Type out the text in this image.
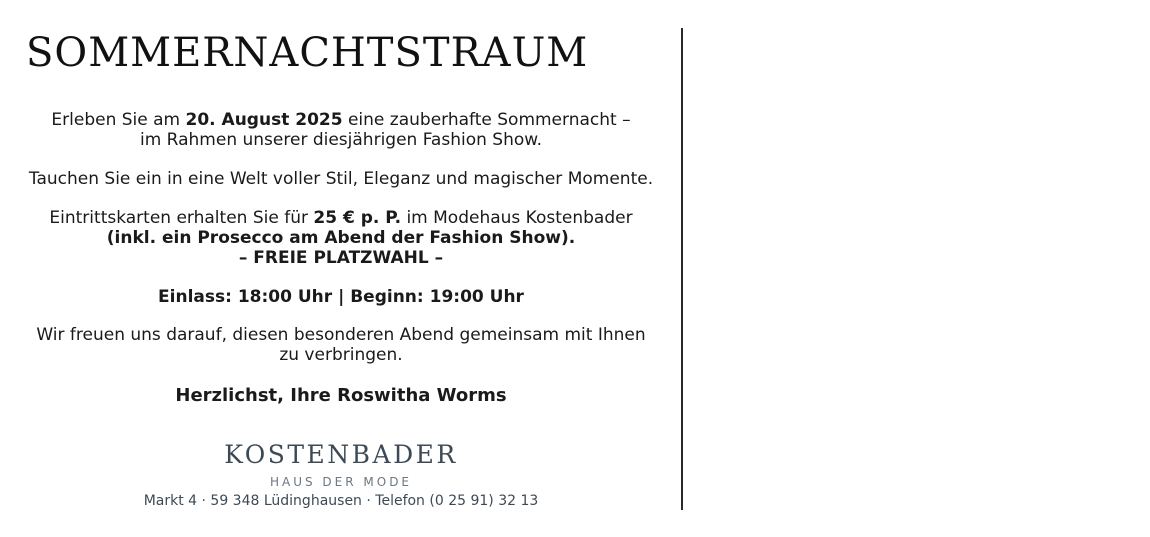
sommernachtstraum
Erleben Sie am 20. August 2025 eine zauberhafte Sommernacht –
im Rahmen unserer diesjährigen Fashion Show.
Tauchen Sie ein in eine Welt voller Stil, Eleganz und magischer Momente.
Eintrittskarten erhalten Sie für 25 € p. P. im Modehaus Kostenbader
(inkl. ein Prosecco am Abend der Fashion Show).
– FREIE PLATZWAHL –
Einlass: 18:00 Uhr | Beginn: 19:00 Uhr
Wir freuen uns darauf, diesen besonderen Abend gemeinsam mit Ihnen
zu verbringen.
Herzlichst, Ihre Roswitha Worms
KOSTENBADER
HAUS DER MODE
Markt 4 · 59 348 Lüdinghausen · Telefon (0 25 91) 32 13
